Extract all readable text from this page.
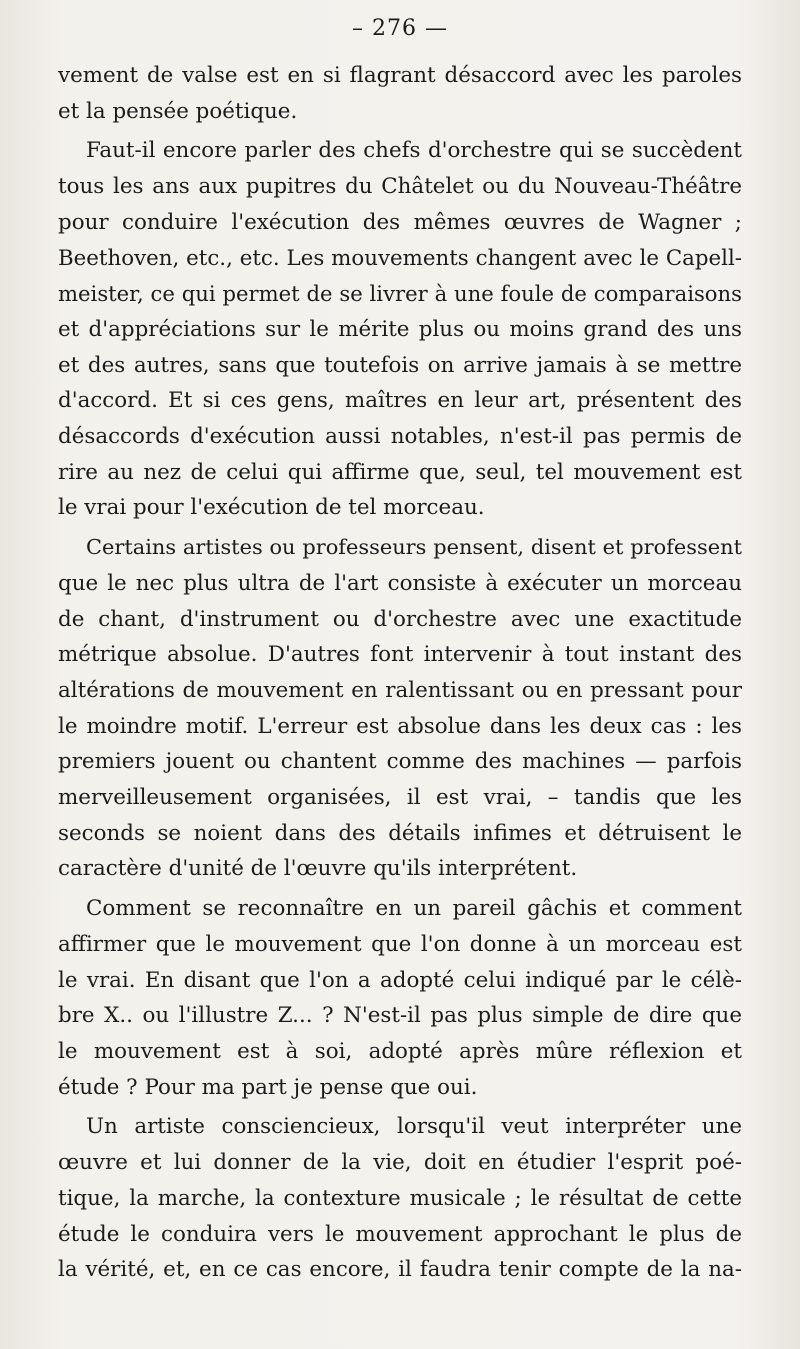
– 276 —
vement de valse est en si flagrant désaccord avec les paroles
et la pensée poétique.
Faut-il encore parler des chefs d'orchestre qui se succèdent
tous les ans aux pupitres du Châtelet ou du Nouveau-Théâtre
pour conduire l'exécution des mêmes œuvres de Wagner ;
Beethoven, etc., etc. Les mouvements changent avec le Capell-
meister, ce qui permet de se livrer à une foule de comparaisons
et d'appréciations sur le mérite plus ou moins grand des uns
et des autres, sans que toutefois on arrive jamais à se mettre
d'accord. Et si ces gens, maîtres en leur art, présentent des
désaccords d'exécution aussi notables, n'est-il pas permis de
rire au nez de celui qui affirme que, seul, tel mouvement est
le vrai pour l'exécution de tel morceau.
Certains artistes ou professeurs pensent, disent et professent
que le nec plus ultra de l'art consiste à exécuter un morceau
de chant, d'instrument ou d'orchestre avec une exactitude
métrique absolue. D'autres font intervenir à tout instant des
altérations de mouvement en ralentissant ou en pressant pour
le moindre motif. L'erreur est absolue dans les deux cas : les
premiers jouent ou chantent comme des machines — parfois
merveilleusement organisées, il est vrai, – tandis que les
seconds se noient dans des détails infimes et détruisent le
caractère d'unité de l'œuvre qu'ils interprétent.
Comment se reconnaître en un pareil gâchis et comment
affirmer que le mouvement que l'on donne à un morceau est
le vrai. En disant que l'on a adopté celui indiqué par le célè-
bre X.. ou l'illustre Z... ? N'est-il pas plus simple de dire que
le mouvement est à soi, adopté après mûre réflexion et
étude ? Pour ma part je pense que oui.
Un artiste consciencieux, lorsqu'il veut interpréter une
œuvre et lui donner de la vie, doit en étudier l'esprit poé-
tique, la marche, la contexture musicale ; le résultat de cette
étude le conduira vers le mouvement approchant le plus de
la vérité, et, en ce cas encore, il faudra tenir compte de la na-
